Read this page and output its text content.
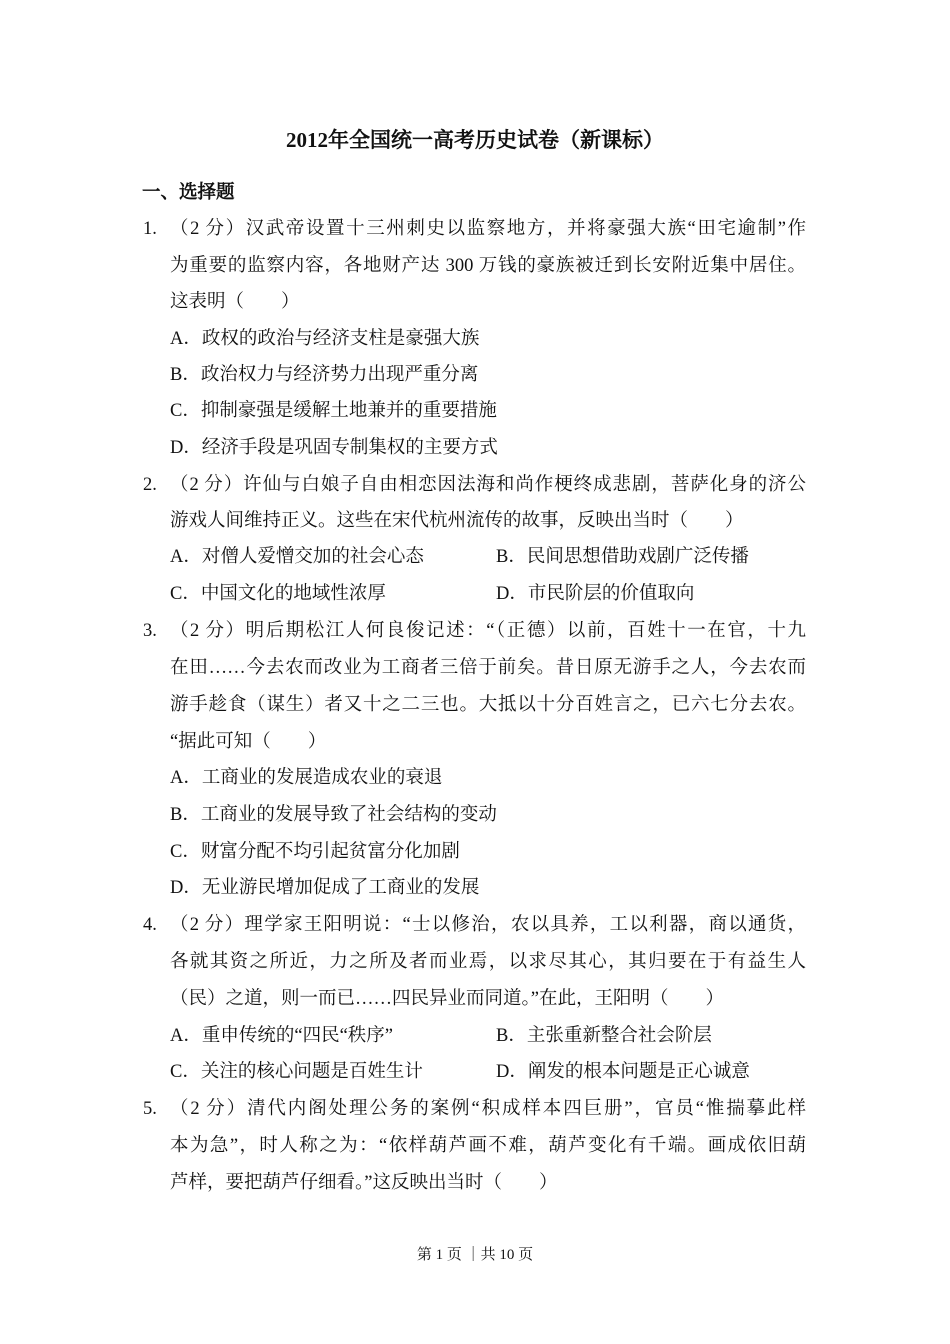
2012年全国统一高考历史试卷（新课标）
一、选择题
1. （2 分）汉武帝设置十三州刺史以监察地方，并将豪强大族“田宅逾制”作
为重要的监察内容，各地财产达 300 万钱的豪族被迁到长安附近集中居住。
这表明（　　）
A．政权的政治与经济支柱是豪强大族
B．政治权力与经济势力出现严重分离
C．抑制豪强是缓解土地兼并的重要措施
D．经济手段是巩固专制集权的主要方式
2. （2 分）许仙与白娘子自由相恋因法海和尚作梗终成悲剧，菩萨化身的济公
游戏人间维持正义。这些在宋代杭州流传的故事，反映出当时（　　）
A．对僧人爱憎交加的社会心态	B．民间思想借助戏剧广泛传播
C．中国文化的地域性浓厚	D．市民阶层的价值取向
3. （2 分）明后期松江人何良俊记述：“（正德）以前，百姓十一在官，十九
在田……今去农而改业为工商者三倍于前矣。昔日原无游手之人，今去农而
游手趁食（谋生）者又十之二三也。大抵以十分百姓言之，已六七分去农。
“据此可知（　　）
A．工商业的发展造成农业的衰退
B．工商业的发展导致了社会结构的变动
C．财富分配不均引起贫富分化加剧
D．无业游民增加促成了工商业的发展
4. （2 分）理学家王阳明说：“士以修治，农以具养，工以利器，商以通货，
各就其资之所近，力之所及者而业焉，以求尽其心，其归要在于有益生人
（民）之道，则一而已……四民异业而同道。”在此，王阳明（　　）
A．重申传统的“四民“秩序”	B．主张重新整合社会阶层
C．关注的核心问题是百姓生计	D．阐发的根本问题是正心诚意
5. （2 分）清代内阁处理公务的案例“积成样本四巨册”，官员“惟揣摹此样
本为急”，时人称之为：“依样葫芦画不难，葫芦变化有千端。画成依旧葫
芦样，要把葫芦仔细看。”这反映出当时（　　）
第 1 页 ｜共 10 页
